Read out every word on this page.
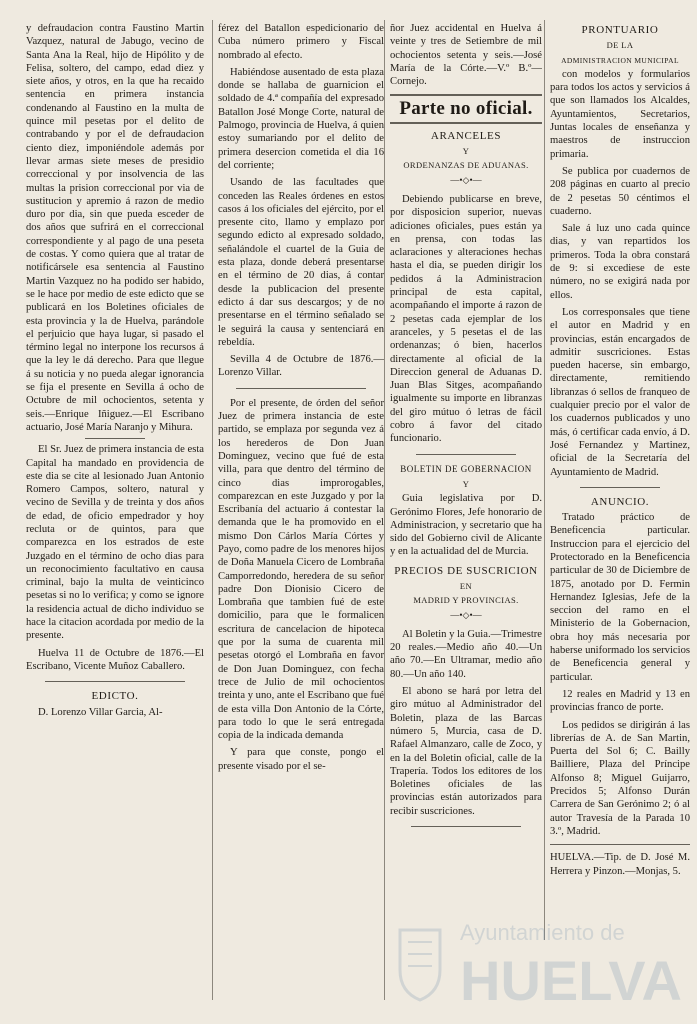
y defraudacion contra Faustino Martin Vazquez, natural de Jabugo, vecino de Santa Ana la Real, hijo de Hipólito y de Felisa, soltero, del campo, edad diez y siete años, y otros, en la que ha recaido sentencia en primera instancia condenando al Faustino en la multa de quince mil pesetas por el delito de contrabando y por el de defraudacion ciento diez, imponiéndole además por llevar armas siete meses de presidio correccional y por insolvencia de las multas la prision correccional por via de sustitucion y apremio á razon de medio duro por dia, sin que pueda esceder de dos años que sufrirá en el correccional correspondiente y al pago de una peseta de costas. Y como quiera que al tratar de notificársele esa sentencia al Faustino Martin Vazquez no ha podido ser habido, se le hace por medio de este edicto que se publicará en los Boletines oficiales de esta provincia y la de Huelva, parándole el perjuicio que haya lugar, si pasado el término legal no interpone los recursos á que la ley le dá derecho. Para que llegue á su noticia y no pueda alegar ignorancia se fija el presente en Sevilla á ocho de Octubre de mil ochocientos, setenta y seis.—Enrique Iñiguez.—El Escribano actuario, José María Naranjo y Mihura.

El Sr. Juez de primera instancia de esta Capital ha mandado en providencia de este dia se cite al lesionado Juan Antonio Romero Campos, soltero, natural y vecino de Sevilla y de treinta y dos años de edad, de oficio empedrador y hoy recluta or de quintos, para que comparezca en los estrados de este Juzgado en el término de ocho dias para un reconocimiento facultativo en causa criminal, bajo la multa de veinticinco pesetas si no lo verifica; y como se ignore la residencia actual de dicho individuo se hace la citacion acordada por medio de la presente.

Huelva 11 de Octubre de 1876.—El Escribano, Vicente Muñoz Caballero.

EDICTO.

D. Lorenzo Villar Garcia, Al-

férez del Batallon espedicionario de Cuba número primero y Fiscal nombrado al efecto.

Habiéndose ausentado de esta plaza donde se hallaba de guarnicion el soldado de 4.ª compañía del expresado Batallon José Monge Corte, natural de Palmogo, provincia de Huelva, á quien estoy sumariando por el delito de primera desercion cometida el dia 16 del corriente;

Usando de las facultades que conceden las Reales órdenes en estos casos á los oficiales del ejército, por el presente cito, llamo y emplazo por segundo edicto al expresado soldado, señalándole el cuartel de la Guia de esta plaza, donde deberá presentarse en el término de 20 dias, á contar desde la publicacion del presente edicto á dar sus descargos; y de no presentarse en el término señalado se le seguirá la causa y sentenciará en rebeldía.

Sevilla 4 de Octubre de 1876.—Lorenzo Villar.

Por el presente, de órden del señor Juez de primera instancia de este partido, se emplaza por segunda vez á los herederos de Don Juan Dominguez, vecino que fué de esta villa, para que dentro del término de cinco dias improrogables, comparezcan en este Juzgado y por la Escribanía del actuario á contestar la demanda que le ha promovido en el mismo Don Cárlos María Córtes y Payo, como padre de los menores hijos de Doña Manuela Cicero de Lombraña Camporredondo, heredera de su señor padre Don Dionisio Cicero de Lombraña que tambien fué de este domicilio, para que le formalicen escritura de cancelacion de hipoteca que por la suma de cuarenta mil pesetas otorgó el Lombraña en favor de Don Juan Dominguez, con fecha trece de Julio de mil ochocientos treinta y uno, ante el Escribano que fué de esta villa Don Antonio de la Córte, para todo lo que le será entregada copia de la indicada demanda

Y para que conste, pongo el presente visado por el se-

ñor Juez accidental en Huelva á veinte y tres de Setiembre de mil ochocientos setenta y seis.—José María de la Córte.—V.º B.º—Cornejo.

Parte no oficial.
ARANCELES
Y
ORDENANZAS DE ADUANAS.
—•◇•—

Debiendo publicarse en breve, por disposicion superior, nuevas adiciones oficiales, pues están ya en prensa, con todas las aclaraciones y alteraciones hechas hasta el dia, se pueden dirigir los pedidos á la Administracion principal de esta capital, acompañando el importe á razon de 2 pesetas cada ejemplar de los aranceles, y 5 pesetas el de las ordenanzas; ó bien, hacerlos directamente al oficial de la Direccion general de Aduanas D. Juan Blas Sitges, acompañando igualmente su importe en libranzas del giro mútuo ó letras de fácil cobro á favor del citado funcionario.

BOLETIN DE GOBERNACION
Y

Guia legislativa por D. Gerónimo Flores, Jefe honorario de Administracion, y secretario que ha sido del Gobierno civil de Alicante y en la actualidad del de Murcia.

PRECIOS DE SUSCRICION
EN
MADRID Y PROVINCIAS.
—•◇•—

Al Boletin y la Guia.—Trimestre 20 reales.—Medio año 40.—Un año 70.—En Ultramar, medio año 80.—Un año 140.

El abono se hará por letra del giro mútuo al Administrador del Boletin, plaza de las Barcas número 5, Murcia, casa de D. Rafael Almanzaro, calle de Zoco, y en la del Boletin oficial, calle de la Trapería. Todos los editores de los Boletines oficiales de las provincias están autorizados para recibir suscriciones.

PRONTUARIO
DE LA
ADMINISTRACION MUNICIPAL

con modelos y formularios para todos los actos y servicios á que son llamados los Alcaldes, Ayuntamientos, Secretarios, Juntas locales de enseñanza y maestros de instruccion primaria.

Se publica por cuadernos de 208 páginas en cuarto al precio de 2 pesetas 50 céntimos el cuaderno.

Sale á luz uno cada quince dias, y van repartidos los primeros. Toda la obra constará de 9: si excediese de este número, no se exigirá nada por ellos.

Los corresponsales que tiene el autor en Madrid y en provincias, están encargados de admitir suscriciones. Estas pueden hacerse, sin embargo, directamente, remitiendo libranzas ó sellos de franqueo de cualquier precio por el valor de los cuadernos publicados y uno más, ó certificar cada envío, á D. José Fernandez y Martinez, oficial de la Secretaría del Ayuntamiento de Madrid.

ANUNCIO.

Tratado práctico de Beneficencia particular. Instruccion para el ejercicio del Protectorado en la Beneficencia particular de 30 de Diciembre de 1875, anotado por D. Fermin Hernandez Iglesias, Jefe de la seccion del ramo en el Ministerio de la Gobernacion, obra hoy más necesaria por haberse uniformado los servicios de Beneficencia general y particular.

12 reales en Madrid y 13 en provincias franco de porte.

Los pedidos se dirigirán á las librerías de A. de San Martin, Puerta del Sol 6; C. Bailly Bailliere, Plaza del Príncipe Alfonso 8; Miguel Guijarro, Precidos 5; Alfonso Durán Carrera de San Gerónimo 2; ó al autor Travesía de la Parada 10 3.º, Madrid.

HUELVA.—Tip. de D. José M. Herrera y Pinzon.—Monjas, 5.

Ayuntamiento de
HUELVA
